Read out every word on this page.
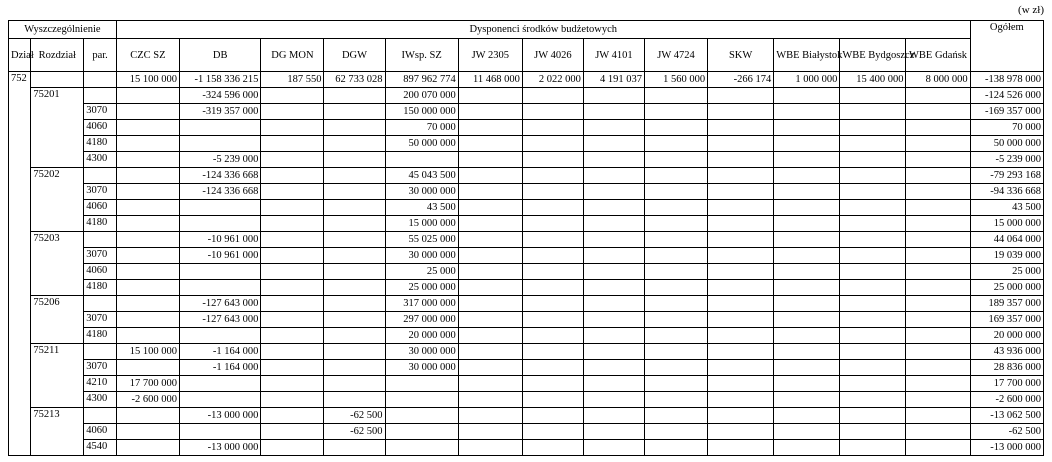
(w zł)
Wyszczególnienie			Dysponenci środków budżetowych													Ogółem
Dział	Rozdział	par.	CZC SZ	DB	DG MON	DGW	IWsp. SZ	JW 2305	JW 4026	JW 4101	JW 4724	SKW	WBE Białystok	WBE Bydgoszcz	WBE Gdańsk	
752			15 100 000	-1 158 336 215	187 550	62 733 028	897 962 774	11 468 000	2 022 000	4 191 037	1 560 000	-266 174	1 000 000	15 400 000	8 000 000	-138 978 000
	75201			-324 596 000			200 070 000									-124 526 000
		3070		-319 357 000			150 000 000									-169 357 000
		4060					70 000									70 000
		4180					50 000 000									50 000 000
		4300		-5 239 000												-5 239 000
	75202			-124 336 668			45 043 500									-79 293 168
		3070		-124 336 668			30 000 000									-94 336 668
		4060					43 500									43 500
		4180					15 000 000									15 000 000
	75203			-10 961 000			55 025 000									44 064 000
		3070		-10 961 000			30 000 000									19 039 000
		4060					25 000									25 000
		4180					25 000 000									25 000 000
	75206			-127 643 000			317 000 000									189 357 000
		3070		-127 643 000			297 000 000									169 357 000
		4180					20 000 000									20 000 000
	75211		15 100 000	-1 164 000			30 000 000									43 936 000
		3070		-1 164 000			30 000 000									28 836 000
		4210	17 700 000													17 700 000
		4300	-2 600 000													-2 600 000
	75213			-13 000 000		-62 500										-13 062 500
		4060				-62 500										-62 500
		4540		-13 000 000												-13 000 000
